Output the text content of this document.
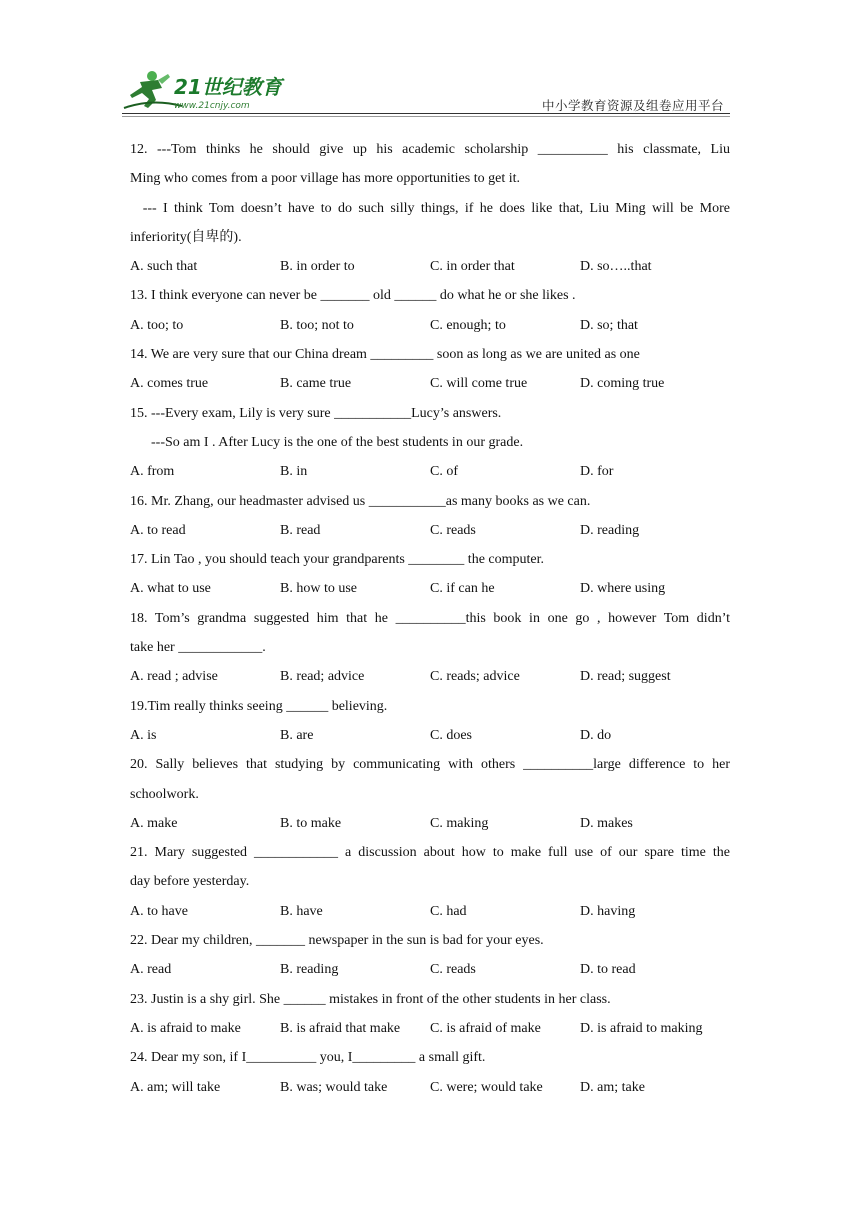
21世纪教育
www.21cnjy.com	中小学教育资源及组卷应用平台
12. ---Tom thinks he should give up his academic scholarship __________ his classmate, Liu
Ming who comes from a poor village has more opportunities to get it.
--- I think Tom doesn’t have to do such silly things, if he does like that, Liu Ming will be More
inferiority(自卑的).
A. such that	B. in order to	C. in order that	D. so…..that
13. I think everyone can never be _______ old ______ do what he or she likes .
A. too; to	B. too; not to	C. enough; to	D. so; that
14. We are very sure that our China dream _________ soon as long as we are united as one
A. comes true	B. came true	C. will come true	D. coming true
15. ---Every exam, Lily is very sure ___________Lucy’s answers.
---So am I . After Lucy is the one of the best students in our grade.
A. from	B. in	C. of	D. for
16. Mr. Zhang, our headmaster advised us ___________as many books as we can.
A. to read	B. read	C. reads	D. reading
17. Lin Tao , you should teach your grandparents ________ the computer.
A. what to use	B. how to use	C. if can he	D. where using
18. Tom’s grandma suggested him that he __________this book in one go , however Tom didn’t
take her ____________.
A. read ; advise	B. read; advice	C. reads; advice	D. read; suggest
19.Tim really thinks seeing ______ believing.
A. is	B. are	C. does	D. do
20. Sally believes that studying by communicating with others __________large difference to her
schoolwork.
A. make	B. to make	C. making	D. makes
21. Mary suggested ____________ a discussion about how to make full use of our spare time the
day before yesterday.
A. to have	B. have	C. had	D. having
22. Dear my children, _______ newspaper in the sun is bad for your eyes.
A. read	B. reading	C. reads	D. to read
23. Justin is a shy girl. She ______ mistakes in front of the other students in her class.
A. is afraid to make	B. is afraid that make	C. is afraid of make	D. is afraid to making
24. Dear my son, if I__________ you, I_________ a small gift.
A. am; will take	B. was; would take	C. were; would take	D. am; take
